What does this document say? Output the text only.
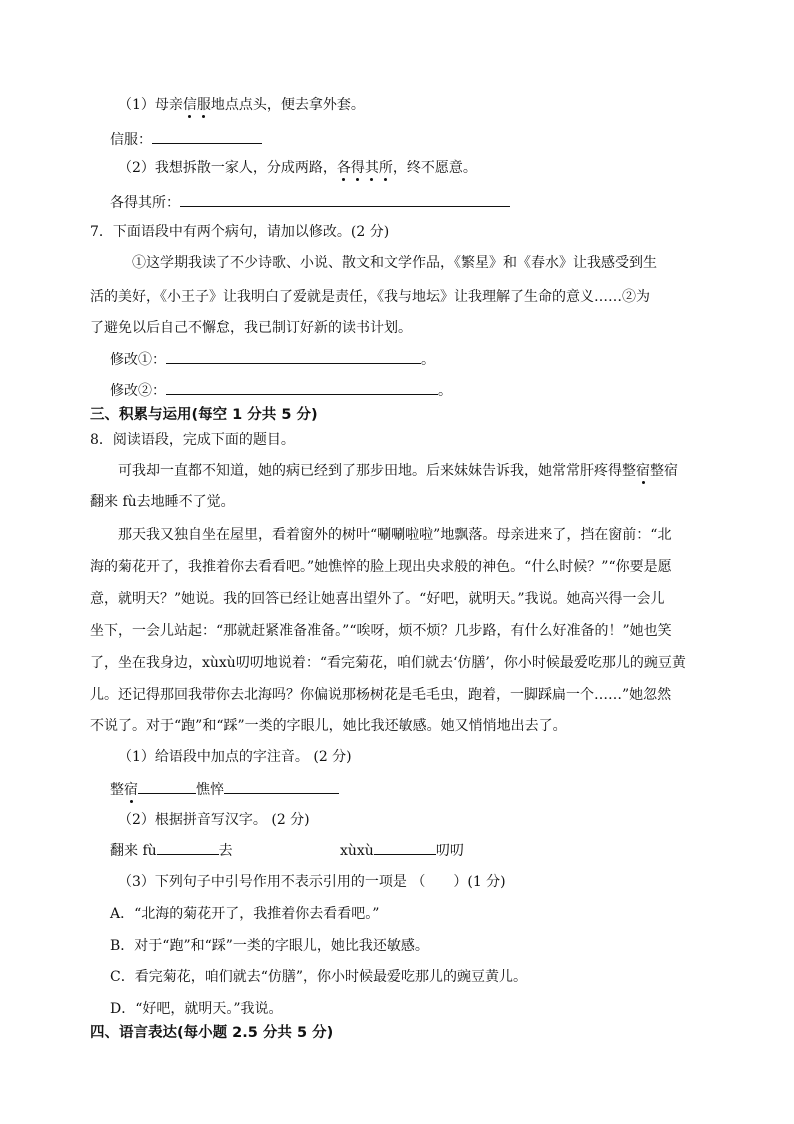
（1）母亲信服地点点头，便去拿外套。
信服：
（2）我想拆散一家人，分成两路，各得其所，终不愿意。
各得其所：
7．下面语段中有两个病句，请加以修改。(2 分)
①这学期我读了不少诗歌、小说、散文和文学作品，《繁星》和《春水》让我感受到生
活的美好，《小王子》让我明白了爱就是责任，《我与地坛》让我理解了生命的意义……②为
了避免以后自己不懈怠，我已制订好新的读书计划。
修改①：	。
修改②：	。
三、积累与运用(每空 1 分共 5 分)
8．阅读语段，完成下面的题目。
可我却一直都不知道，她的病已经到了那步田地。后来妹妹告诉我，她常常肝疼得整宿整宿
翻来 fù去地睡不了觉。
那天我又独自坐在屋里，看着窗外的树叶“唰唰啦啦”地飘落。母亲进来了，挡在窗前：“北
海的菊花开了，我推着你去看看吧。”她憔悴的脸上现出央求般的神色。“什么时候？”“你要是愿
意，就明天？”她说。我的回答已经让她喜出望外了。“好吧，就明天。”我说。她高兴得一会儿
坐下，一会儿站起：“那就赶紧准备准备。”“唉呀，烦不烦？几步路，有什么好准备的！”她也笑
了，坐在我身边，xùxù叨叨地说着：“看完菊花，咱们就去‘仿膳’，你小时候最爱吃那儿的豌豆黄
儿。还记得那回我带你去北海吗？你偏说那杨树花是毛毛虫，跑着，一脚踩扁一个……”她忽然
不说了。对于“跑”和“踩”一类的字眼儿，她比我还敏感。她又悄悄地出去了。
（1）给语段中加点的字注音。 (2 分)
整宿	憔悴
（2）根据拼音写汉字。 (2 分)
翻来 fù	去	xùxù	叨叨
（3）下列句子中引号作用不表示引用的一项是 （　　）(1 分)
A．“北海的菊花开了，我推着你去看看吧。”
B．对于“跑”和“踩”一类的字眼儿，她比我还敏感。
C．看完菊花，咱们就去“仿膳”，你小时候最爱吃那儿的豌豆黄儿。
D．“好吧，就明天。”我说。
四、语言表达(每小题 2.5 分共 5 分)
